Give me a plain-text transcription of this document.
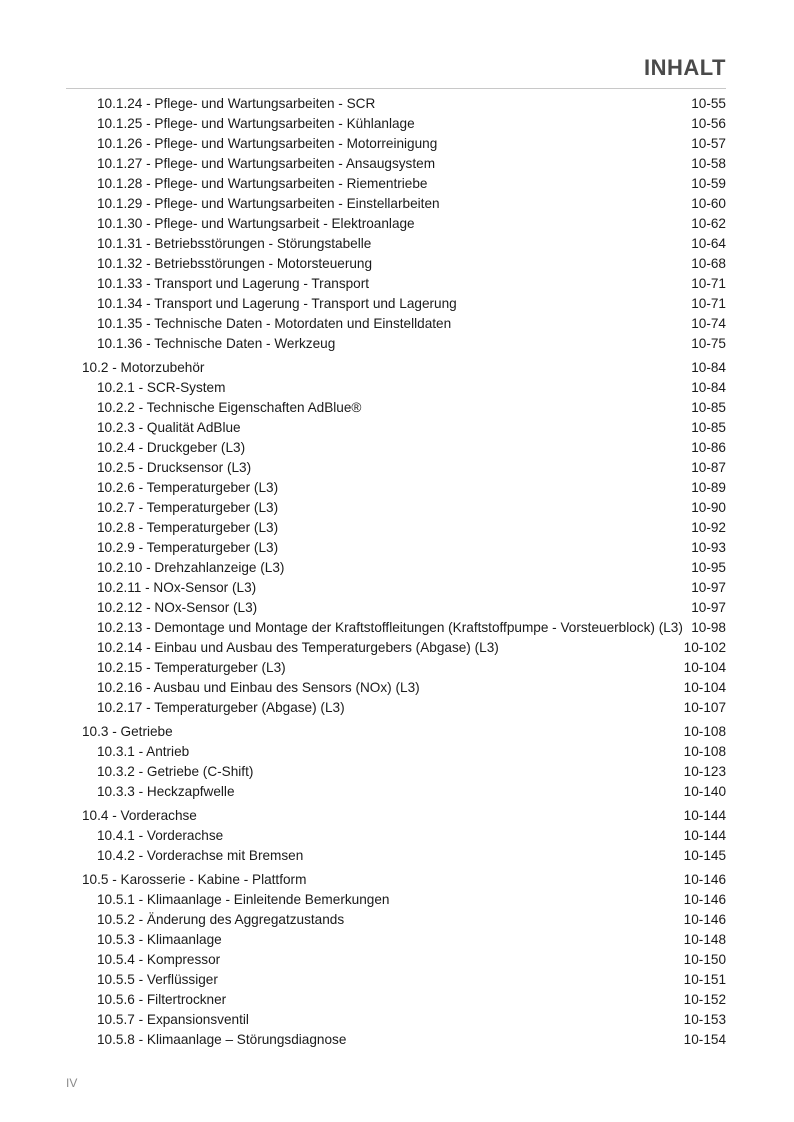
INHALT
10.1.24 - Pflege- und Wartungsarbeiten - SCR	10-55
10.1.25 - Pflege- und Wartungsarbeiten - Kühlanlage	10-56
10.1.26 - Pflege- und Wartungsarbeiten - Motorreinigung	10-57
10.1.27 - Pflege- und Wartungsarbeiten - Ansaugsystem	10-58
10.1.28 - Pflege- und Wartungsarbeiten - Riementriebe	10-59
10.1.29 - Pflege- und Wartungsarbeiten - Einstellarbeiten	10-60
10.1.30 - Pflege- und Wartungsarbeit - Elektroanlage	10-62
10.1.31 - Betriebsstörungen - Störungstabelle	10-64
10.1.32 - Betriebsstörungen - Motorsteuerung	10-68
10.1.33 - Transport und Lagerung - Transport	10-71
10.1.34 - Transport und Lagerung - Transport und Lagerung	10-71
10.1.35 - Technische Daten - Motordaten und Einstelldaten	10-74
10.1.36 - Technische Daten - Werkzeug	10-75
10.2 - Motorzubehör	10-84
10.2.1 - SCR-System	10-84
10.2.2 - Technische Eigenschaften AdBlue®	10-85
10.2.3 - Qualität AdBlue	10-85
10.2.4 - Druckgeber (L3)	10-86
10.2.5 - Drucksensor (L3)	10-87
10.2.6 - Temperaturgeber (L3)	10-89
10.2.7 - Temperaturgeber (L3)	10-90
10.2.8 - Temperaturgeber (L3)	10-92
10.2.9 - Temperaturgeber (L3)	10-93
10.2.10 - Drehzahlanzeige (L3)	10-95
10.2.11 - NOx-Sensor (L3)	10-97
10.2.12 - NOx-Sensor (L3)	10-97
10.2.13 - Demontage und Montage der Kraftstoffleitungen (Kraftstoffpumpe - Vorsteuerblock) (L3) 10-98
10.2.14 - Einbau und Ausbau des Temperaturgebers (Abgase) (L3)	10-102
10.2.15 - Temperaturgeber (L3)	10-104
10.2.16 - Ausbau und Einbau des Sensors (NOx) (L3)	10-104
10.2.17 - Temperaturgeber (Abgase) (L3)	10-107
10.3 - Getriebe	10-108
10.3.1 - Antrieb	10-108
10.3.2 - Getriebe (C-Shift)	10-123
10.3.3 - Heckzapfwelle	10-140
10.4 - Vorderachse	10-144
10.4.1 - Vorderachse	10-144
10.4.2 - Vorderachse mit Bremsen	10-145
10.5 - Karosserie - Kabine - Plattform	10-146
10.5.1 - Klimaanlage - Einleitende Bemerkungen	10-146
10.5.2 - Änderung des Aggregatzustands	10-146
10.5.3 - Klimaanlage	10-148
10.5.4 - Kompressor	10-150
10.5.5 - Verflüssiger	10-151
10.5.6 - Filtertrockner	10-152
10.5.7 - Expansionsventil	10-153
10.5.8 - Klimaanlage – Störungsdiagnose	10-154
IV
